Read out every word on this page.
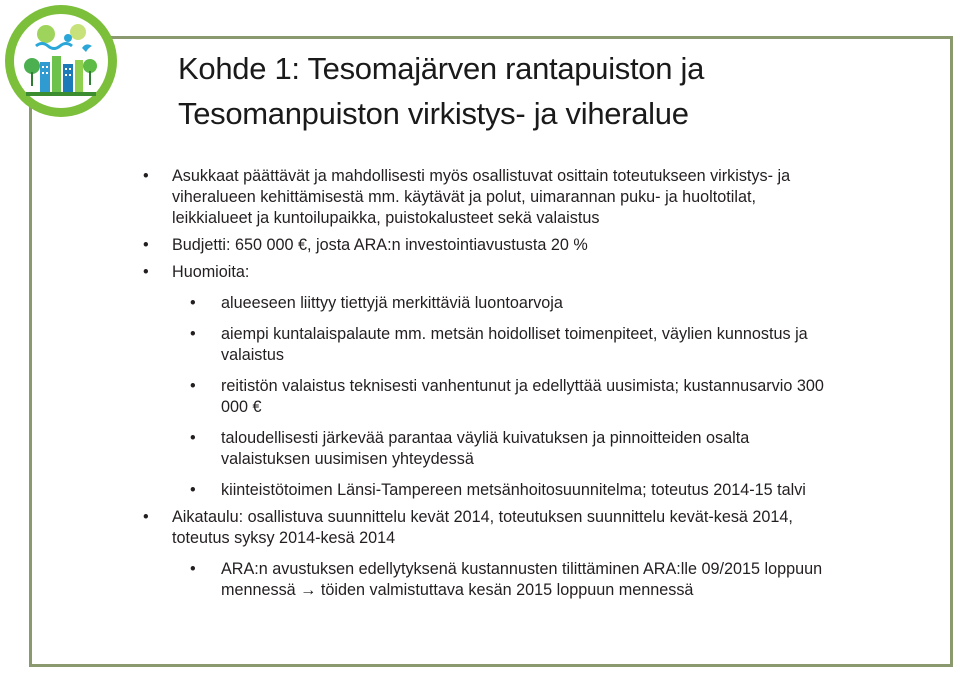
Kohde 1: Tesomajärven rantapuiston ja
Tesomanpuiston virkistys- ja viheralue
• Asukkaat päättävät ja mahdollisesti myös osallistuvat osittain toteutukseen virkistys- ja
viheralueen kehittämisestä mm. käytävät ja polut, uimarannan puku- ja huoltotilat,
leikkialueet ja kuntoilupaikka, puistokalusteet sekä valaistus
• Budjetti: 650 000 €, josta ARA:n investointiavustusta 20 %
• Huomioita:
• alueeseen liittyy tiettyjä merkittäviä luontoarvoja
• aiempi kuntalaispalaute mm. metsän hoidolliset toimenpiteet, väylien kunnostus ja
valaistus
• reitistön valaistus teknisesti vanhentunut ja edellyttää uusimista; kustannusarvio 300
000 €
• taloudellisesti järkevää parantaa väyliä kuivatuksen ja pinnoitteiden osalta
valaistuksen uusimisen yhteydessä
• kiinteistötoimen Länsi-Tampereen metsänhoitosuunnitelma; toteutus 2014-15 talvi
• Aikataulu: osallistuva suunnittelu kevät 2014, toteutuksen suunnittelu kevät-kesä 2014,
toteutus syksy 2014-kesä 2014
• ARA:n avustuksen edellytyksenä kustannusten tilittäminen ARA:lle 09/2015 loppuun
mennessä → töiden valmistuttava kesän 2015 loppuun mennessä
